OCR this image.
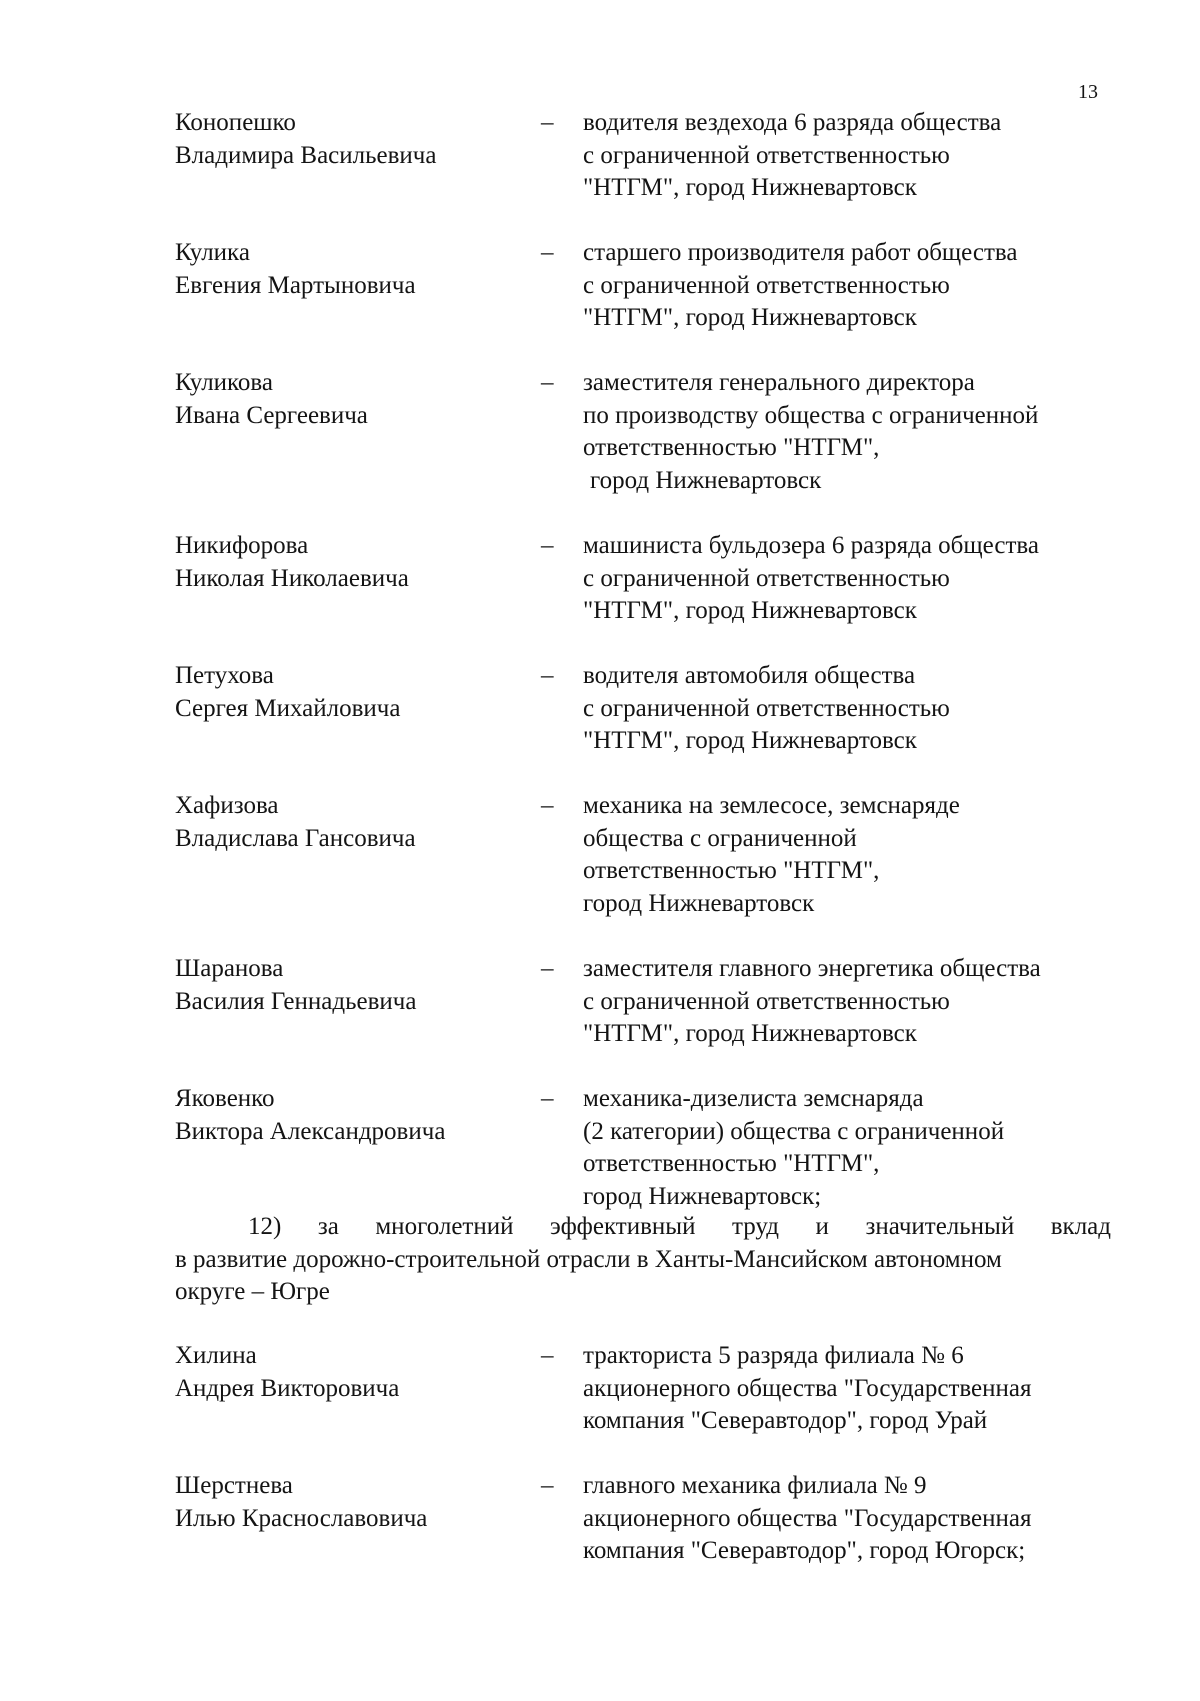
13
Конопешко
Владимира Васильевича
– водителя вездехода 6 разряда общества
с ограниченной ответственностью
"НТГМ", город Нижневартовск
Кулика
Евгения Мартыновича
– старшего производителя работ общества
с ограниченной ответственностью
"НТГМ", город Нижневартовск
Куликова
Ивана Сергеевича
– заместителя генерального директора
по производству общества с ограниченной
ответственностью "НТГМ",
город Нижневартовск
Никифорова
Николая Николаевича
– машиниста бульдозера 6 разряда общества
с ограниченной ответственностью
"НТГМ", город Нижневартовск
Петухова
Сергея Михайловича
– водителя автомобиля общества
с ограниченной ответственностью
"НТГМ", город Нижневартовск
Хафизова
Владислава Гансовича
– механика на землесосе, земснаряде
общества с ограниченной
ответственностью "НТГМ",
город Нижневартовск
Шаранова
Василия Геннадьевича
– заместителя главного энергетика общества
с ограниченной ответственностью
"НТГМ", город Нижневартовск
Яковенко
Виктора Александровича
– механика-дизелиста земснаряда
(2 категории) общества с ограниченной
ответственностью "НТГМ",
город Нижневартовск;
12) за многолетний эффективный труд и значительный вклад
в развитие дорожно-строительной отрасли в Ханты-Мансийском автономном
округе – Югре
Хилина
Андрея Викторовича
– тракториста 5 разряда филиала № 6
акционерного общества "Государственная
компания "Северавтодор", город Урай
Шерстнева
Илью Краснославовича
– главного механика филиала № 9
акционерного общества "Государственная
компания "Северавтодор", город Югорск;
